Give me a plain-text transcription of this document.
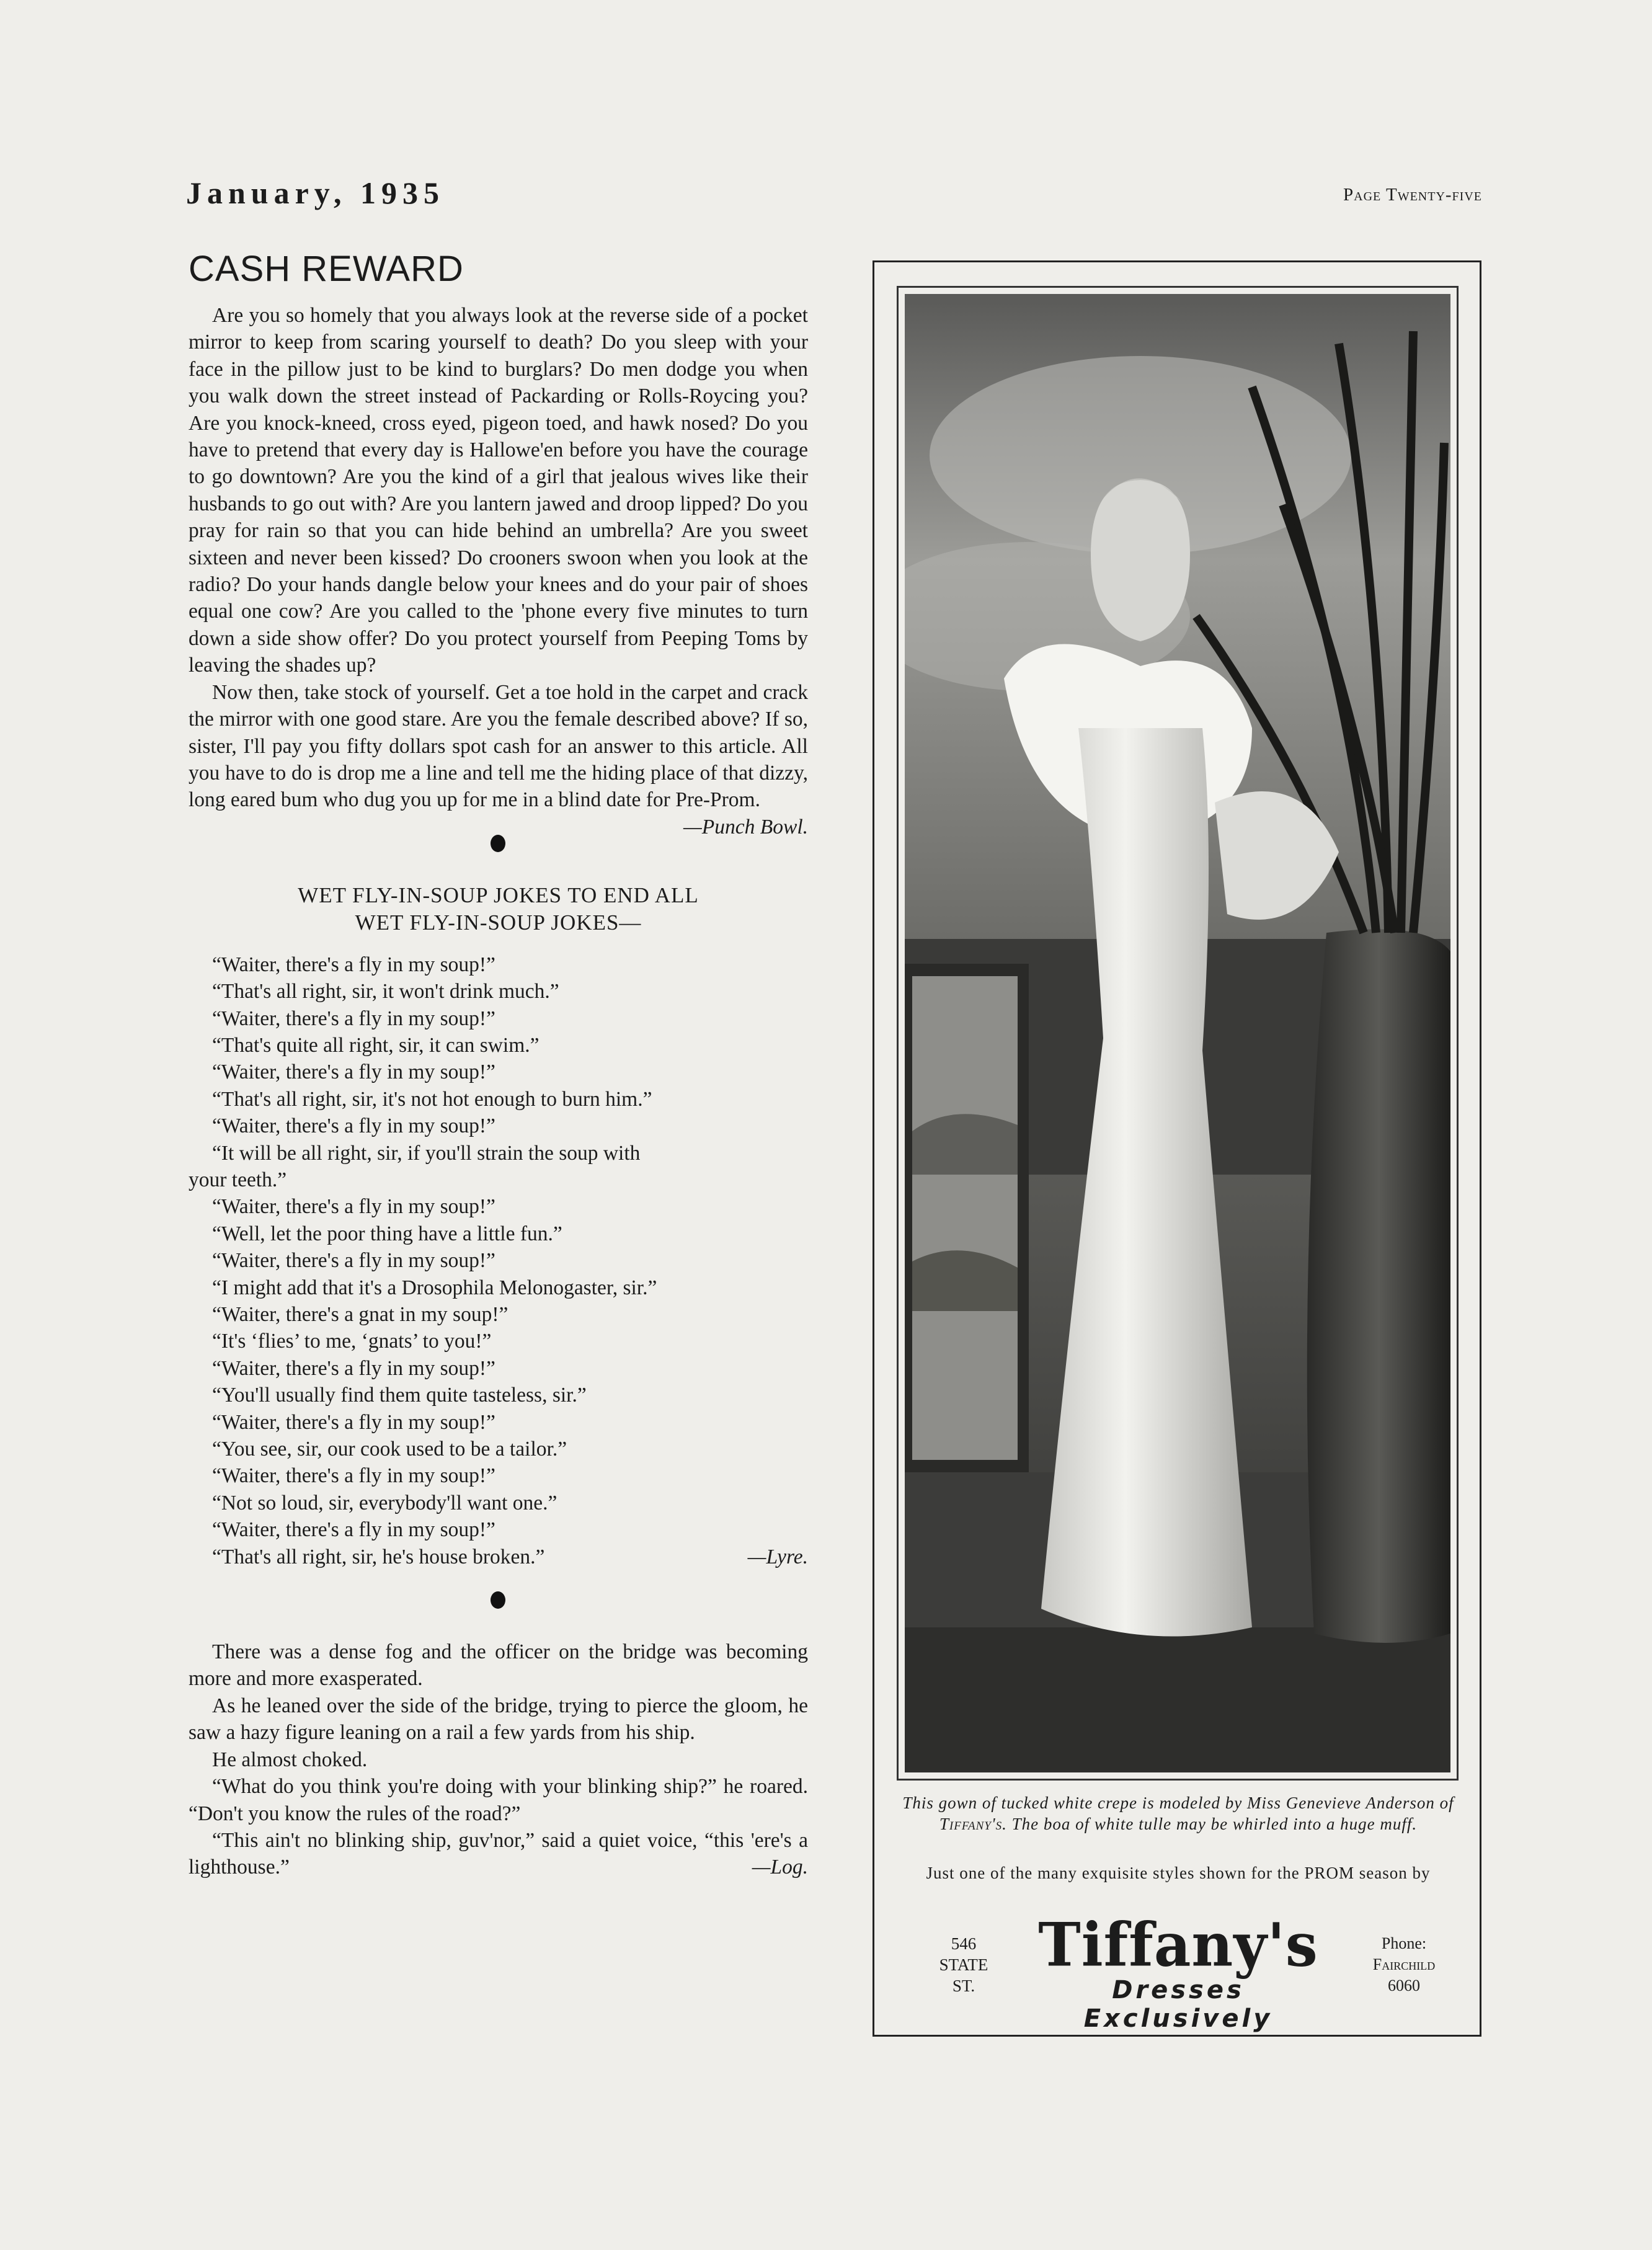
January, 1935	Page Twenty-five
CASH REWARD

Are you so homely that you always look at the reverse side of a pocket mirror to keep from scaring yourself to death? Do you sleep with your face in the pillow just to be kind to burglars? Do men dodge you when you walk down the street instead of Packarding or Rolls-Roycing you? Are you knock-kneed, cross eyed, pigeon toed, and hawk nosed? Do you have to pretend that every day is Hallowe'en before you have the courage to go downtown? Are you the kind of a girl that jealous wives like their husbands to go out with? Are you lantern jawed and droop lipped? Do you pray for rain so that you can hide behind an umbrella? Are you sweet sixteen and never been kissed? Do crooners swoon when you look at the radio? Do your hands dangle below your knees and do your pair of shoes equal one cow? Are you called to the 'phone every five minutes to turn down a side show offer? Do you protect yourself from Peeping Toms by leaving the shades up?

Now then, take stock of yourself. Get a toe hold in the carpet and crack the mirror with one good stare. Are you the female described above? If so, sister, I'll pay you fifty dollars spot cash for an answer to this article. All you have to do is drop me a line and tell me the hiding place of that dizzy, long eared bum who dug you up for me in a blind date for Pre-Prom.
—Punch Bowl.

WET FLY-IN-SOUP JOKES TO END ALL
WET FLY-IN-SOUP JOKES—

“Waiter, there's a fly in my soup!”

“That's all right, sir, it won't drink much.”

“Waiter, there's a fly in my soup!”

“That's quite all right, sir, it can swim.”

“Waiter, there's a fly in my soup!”

“That's all right, sir, it's not hot enough to burn him.”

“Waiter, there's a fly in my soup!”

“It will be all right, sir, if you'll strain the soup with

your teeth.”

“Waiter, there's a fly in my soup!”

“Well, let the poor thing have a little fun.”

“Waiter, there's a fly in my soup!”

“I might add that it's a Drosophila Melonogaster, sir.”

“Waiter, there's a gnat in my soup!”

“It's ‘flies’ to me, ‘gnats’ to you!”

“Waiter, there's a fly in my soup!”

“You'll usually find them quite tasteless, sir.”

“Waiter, there's a fly in my soup!”

“You see, sir, our cook used to be a tailor.”

“Waiter, there's a fly in my soup!”

“Not so loud, sir, everybody'll want one.”

“Waiter, there's a fly in my soup!”

“That's all right, sir, he's house broken.”	—Lyre.

There was a dense fog and the officer on the bridge was becoming more and more exasperated.

As he leaned over the side of the bridge, trying to pierce the gloom, he saw a hazy figure leaning on a rail a few yards from his ship.

He almost choked.

“What do you think you're doing with your blinking ship?” he roared. “Don't you know the rules of the road?”

“This ain't no blinking ship, guv'nor,” said a quiet voice, “this 'ere's a lighthouse.”	—Log.

This gown of tucked white crepe is modeled by Miss Genevieve Anderson of Tiffany's. The boa of white tulle may be whirled into a huge muff.
Just one of the many exquisite styles shown for the PROM season by
546
STATE
ST.
Tiffany's
Dresses Exclusively
Phone:
Fairchild
6060
